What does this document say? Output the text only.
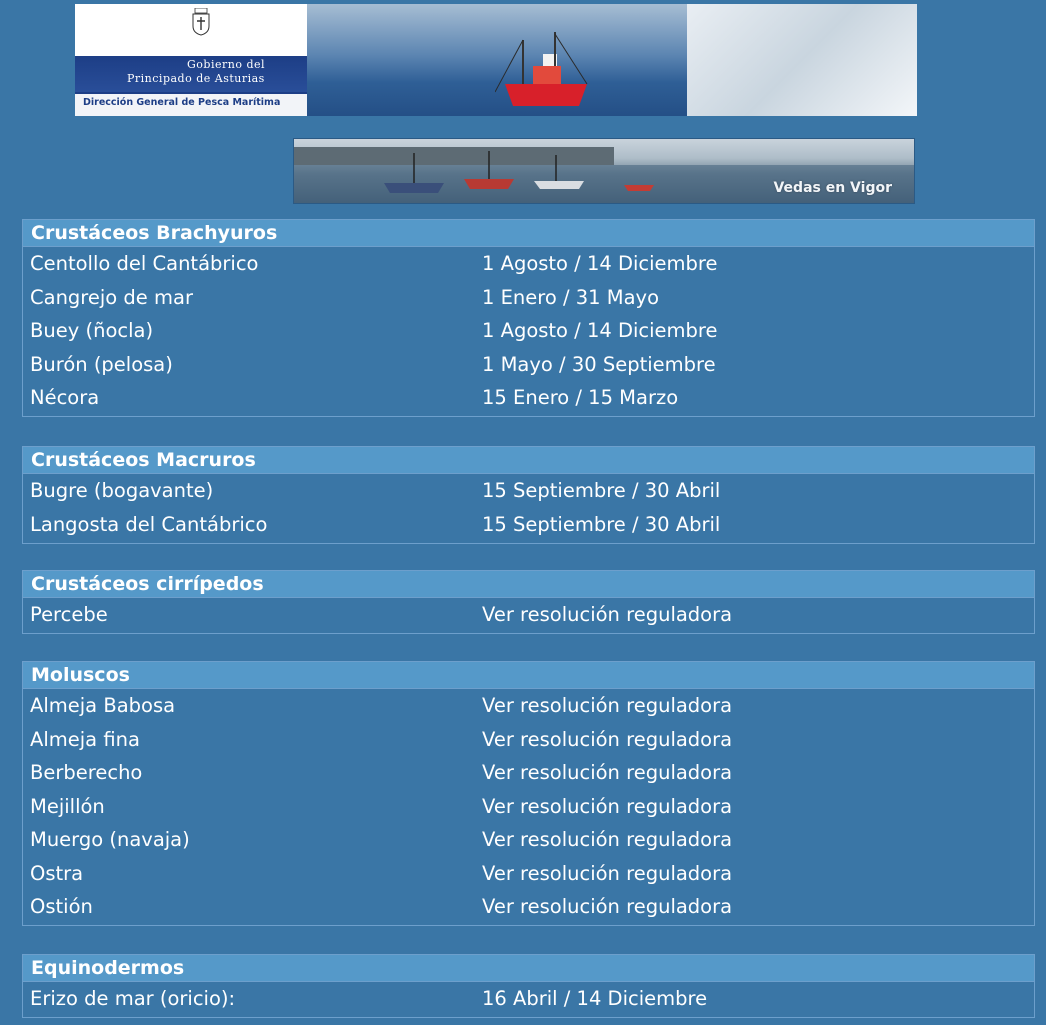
Gobierno del
Principado de Asturias
Dirección General de Pesca Marítima
Vedas en Vigor
Crustáceos Brachyuros
Centollo del Cantábrico	1 Agosto / 14 Diciembre
Cangrejo de mar	1 Enero / 31 Mayo
Buey (ñocla)	1 Agosto / 14 Diciembre
Burón (pelosa)	1 Mayo / 30 Septiembre
Nécora	15 Enero / 15 Marzo
Crustáceos Macruros
Bugre (bogavante)	15 Septiembre / 30 Abril
Langosta del Cantábrico	15 Septiembre / 30 Abril
Crustáceos cirrípedos
Percebe	Ver resolución reguladora
Moluscos
Almeja Babosa	Ver resolución reguladora
Almeja fina	Ver resolución reguladora
Berberecho	Ver resolución reguladora
Mejillón	Ver resolución reguladora
Muergo (navaja)	Ver resolución reguladora
Ostra	Ver resolución reguladora
Ostión	Ver resolución reguladora
Equinodermos
Erizo de mar (oricio):	16 Abril / 14 Diciembre
